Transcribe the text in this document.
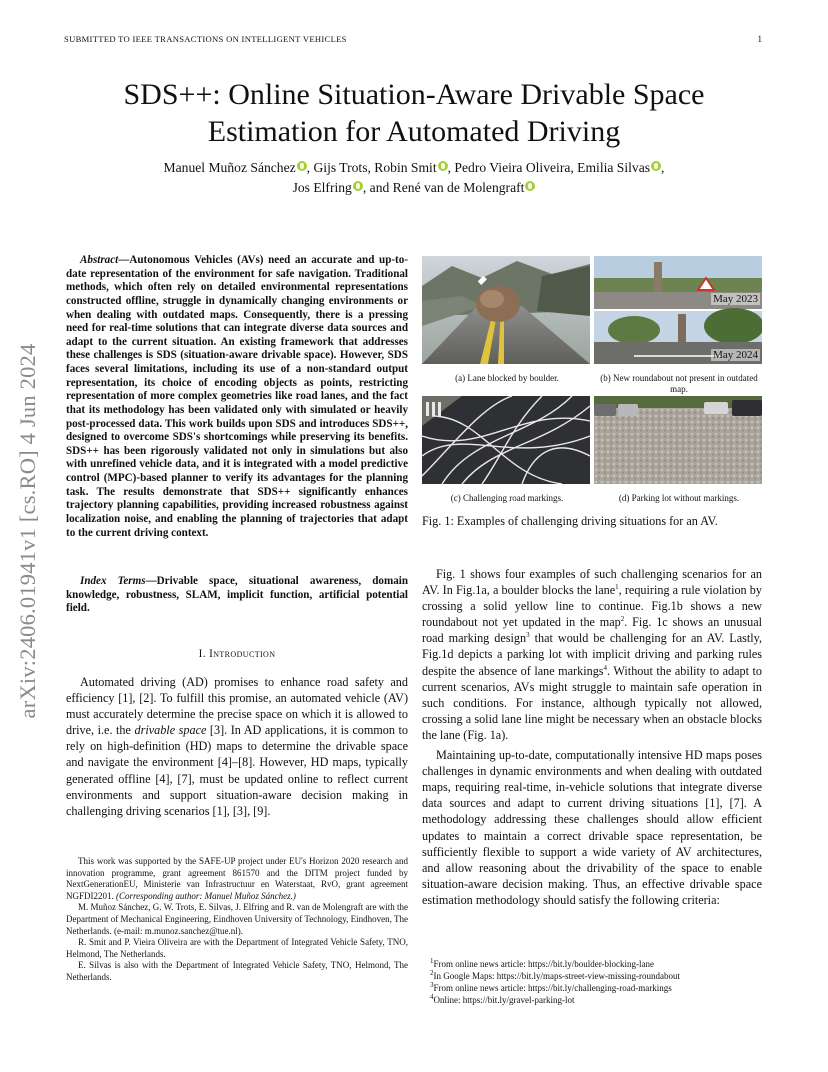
SUBMITTED TO IEEE TRANSACTIONS ON INTELLIGENT VEHICLES	1
arXiv:2406.01941v1 [cs.RO] 4 Jun 2024
SDS++: Online Situation-Aware Drivable Space
Estimation for Automated Driving
Manuel Muñoz Sánchez , Gijs Trots, Robin Smit , Pedro Vieira Oliveira, Emilia Silvas ,
Jos Elfring , and René van de Molengraft
Abstract—Autonomous Vehicles (AVs) need an accurate and up-to-date representation of the environment for safe navigation. Traditional methods, which often rely on detailed environmental representations constructed offline, struggle in dynamically changing environments or when dealing with outdated maps. Consequently, there is a pressing need for real-time solutions that can integrate diverse data sources and adapt to the current situation. An existing framework that addresses these challenges is SDS (situation-aware drivable space). However, SDS faces several limitations, including its use of a non-standard output representation, its choice of encoding objects as points, restricting representation of more complex geometries like road lanes, and the fact that its methodology has been validated only with simulated or heavily post-processed data. This work builds upon SDS and introduces SDS++, designed to overcome SDS's shortcomings while preserving its benefits. SDS++ has been rigorously validated not only in simulations but also with unrefined vehicle data, and it is integrated with a model predictive control (MPC)-based planner to verify its advantages for the planning task. The results demonstrate that SDS++ significantly enhances trajectory planning capabilities, providing increased robustness against localization noise, and enabling the planning of trajectories that adapt to the current driving context.
Index Terms—Drivable space, situational awareness, domain knowledge, robustness, SLAM, implicit function, artificial potential field.
I. Introduction

Automated driving (AD) promises to enhance road safety and efficiency [1], [2]. To fulfill this promise, an automated vehicle (AV) must accurately determine the precise space on which it is allowed to drive, i.e. the drivable space [3]. In AD applications, it is common to rely on high-definition (HD) maps to determine the drivable space and navigate the environment [4]–[8]. However, HD maps, typically generated offline [4], [7], must be updated online to reflect current environments and support situation-aware decision making in challenging driving scenarios [1], [3], [9].

This work was supported by the SAFE-UP project under EU's Horizon 2020 research and innovation programme, grant agreement 861570 and the DITM project funded by NextGenerationEU, Ministerie van Infrastructuur en Waterstaat, RvO, grant agreement NGFDI2201. (Corresponding author: Manuel Muñoz Sánchez.)

M. Muñoz Sánchez, G. W. Trots, E. Silvas, J. Elfring and R. van de Molengraft are with the Department of Mechanical Engineering, Eindhoven University of Technology, Eindhoven, The Netherlands. (e-mail: m.munoz.sanchez@tue.nl).

R. Smit and P. Vieira Oliveira are with the Department of Integrated Vehicle Safety, TNO, Helmond, The Netherlands.

E. Silvas is also with the Department of Integrated Vehicle Safety, TNO, Helmond, The Netherlands.

(a) Lane blocked by boulder.
May 2023
May 2024
(b) New roundabout not present in outdated map.
(c) Challenging road markings.	(d) Parking lot without markings.
Fig. 1: Examples of challenging driving situations for an AV.

Fig. 1 shows four examples of such challenging scenarios for an AV. In Fig.1a, a boulder blocks the lane$^1$, requiring a rule violation by crossing a solid yellow line to continue. Fig.1b shows a new roundabout not yet updated in the map$^2$. Fig. 1c shows an unusual road marking design$^3$ that would be challenging for an AV. Lastly, Fig.1d depicts a parking lot with implicit driving and parking rules despite the absence of lane markings$^4$. Without the ability to adapt to current scenarios, AVs might struggle to maintain safe operation in such conditions. For instance, although typically not allowed, crossing a solid lane line might be necessary when an obstacle blocks the lane (Fig. 1a).

Maintaining up-to-date, computationally intensive HD maps poses challenges in dynamic environments and when dealing with outdated maps, requiring real-time, in-vehicle solutions that integrate diverse data sources and adapt to current driving situations [1], [7]. A methodology addressing these challenges should allow efficient updates to maintain a correct drivable space representation, be sufficiently flexible to support a wide variety of AV architectures, and allow reasoning about the drivability of the space to enable situation-aware decision making. Thus, an effective drivable space estimation methodology should satisfy the following criteria:

$^1$From online news article: https://bit.ly/boulder-blocking-lane
$^2$In Google Maps: https://bit.ly/maps-street-view-missing-roundabout
$^3$From online news article: https://bit.ly/challenging-road-markings
$^4$Online: https://bit.ly/gravel-parking-lot
